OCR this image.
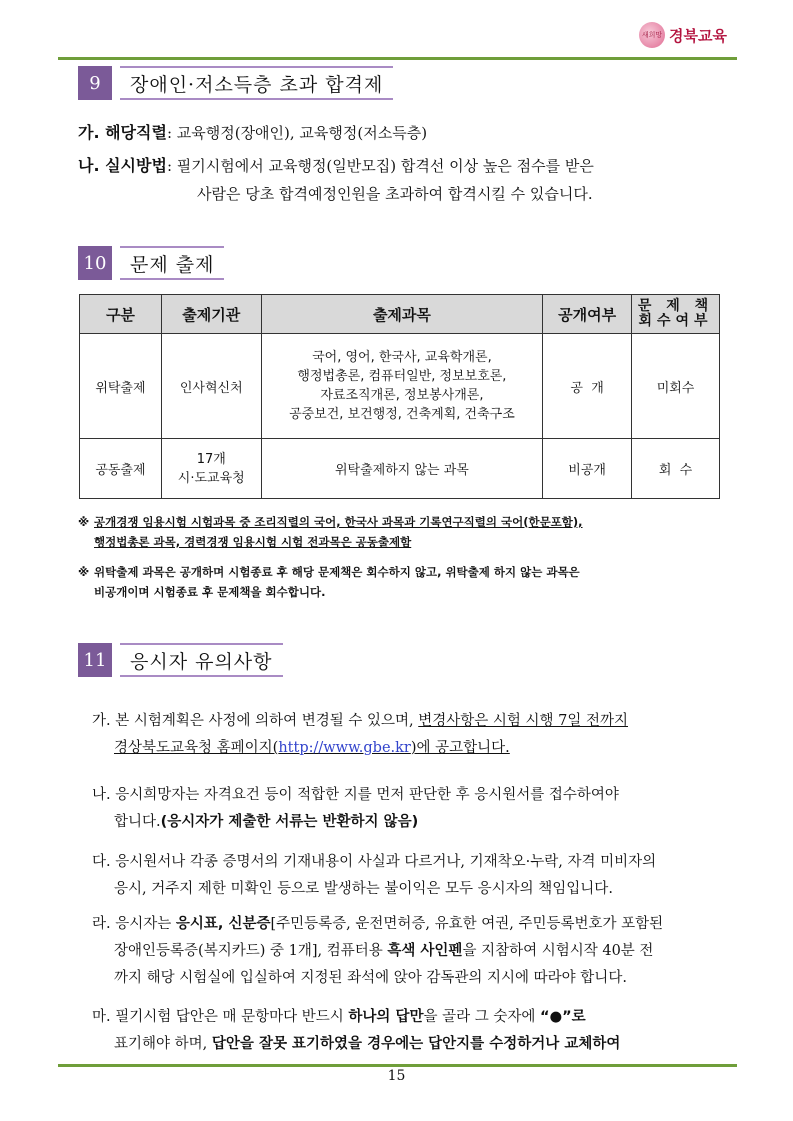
새희망 경북교육
9	장애인·저소득층 초과 합격제
가. 해당직렬: 교육행정(장애인), 교육행정(저소득층)
나. 실시방법: 필기시험에서 교육행정(일반모집) 합격선 이상 높은 점수를 받은
사람은 당초 합격예정인원을 초과하여 합격시킬 수 있습니다.
10	문제 출제
구분	출제기관	출제과목	공개여부	문 제 책
회수여부

위탁출제	인사혁신처	국어, 영어, 한국사, 교육학개론,
행정법총론, 컴퓨터일반, 정보보호론,
자료조직개론, 정보봉사개론,
공중보건, 보건행정, 건축계획, 건축구조	공  개	미회수
공동출제	17개
시·도교육청	위탁출제하지 않는 과목	비공개	회  수
※ 공개경쟁 임용시험 시험과목 중 조리직렬의 국어, 한국사 과목과 기록연구직렬의 국어(한문포함),
행정법총론 과목, 경력경쟁 임용시험 시험 전과목은 공동출제함
※ 위탁출제 과목은 공개하며 시험종료 후 해당 문제책은 회수하지 않고, 위탁출제 하지 않는 과목은
비공개이며 시험종료 후 문제책을 회수합니다.
11	응시자 유의사항
가. 본 시험계획은 사정에 의하여 변경될 수 있으며, 변경사항은 시험 시행 7일 전까지
경상북도교육청 홈페이지(http://www.gbe.kr)에 공고합니다.
나. 응시희망자는 자격요건 등이 적합한 지를 먼저 판단한 후 응시원서를 접수하여야
합니다.(응시자가 제출한 서류는 반환하지 않음)
다. 응시원서나 각종 증명서의 기재내용이 사실과 다르거나, 기재착오·누락, 자격 미비자의
응시, 거주지 제한 미확인 등으로 발생하는 불이익은 모두 응시자의 책임입니다.
라. 응시자는 응시표, 신분증[주민등록증, 운전면허증, 유효한 여권, 주민등록번호가 포함된
장애인등록증(복지카드) 중 1개], 컴퓨터용 흑색 사인펜을 지참하여 시험시작 40분 전
까지 해당 시험실에 입실하여 지정된 좌석에 앉아 감독관의 지시에 따라야 합니다.
마. 필기시험 답안은 매 문항마다 반드시 하나의 답만을 골라 그 숫자에 “●”로
표기해야 하며, 답안을 잘못 표기하였을 경우에는 답안지를 수정하거나 교체하여
15
